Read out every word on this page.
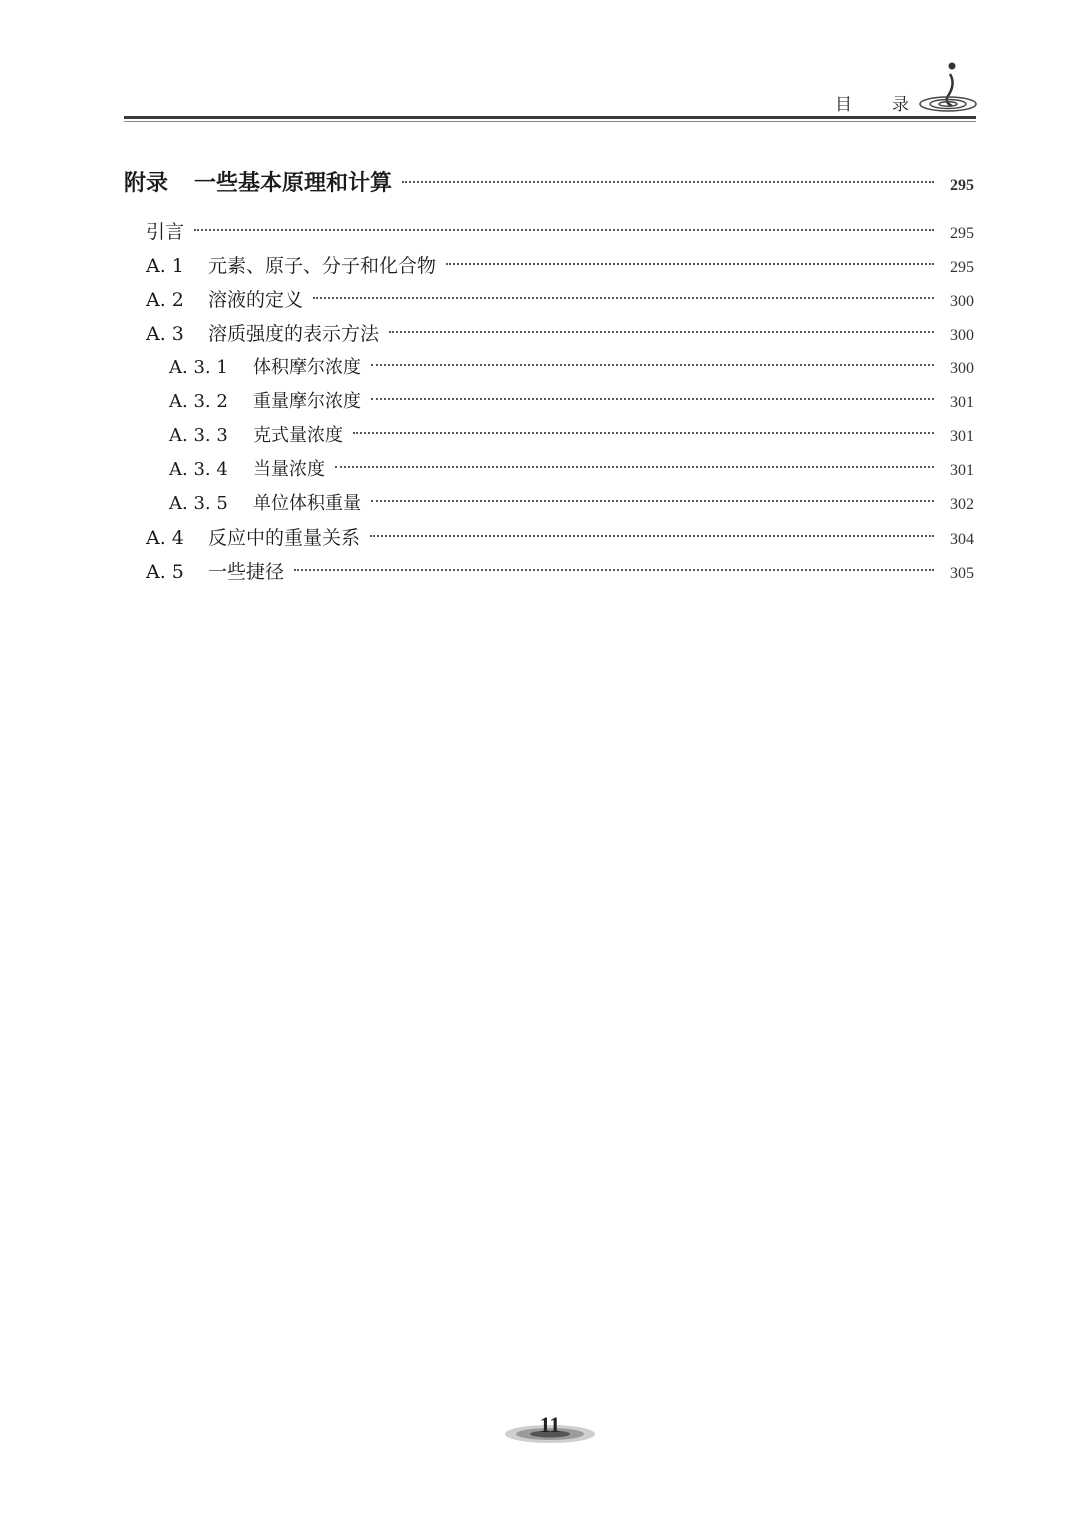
目录
附录 一些基本原理和计算	295
引言	295
A. 1	元素、原子、分子和化合物	295
A. 2	溶液的定义	300
A. 3	溶质强度的表示方法	300
A. 3. 1	体积摩尔浓度	300
A. 3. 2	重量摩尔浓度	301
A. 3. 3	克式量浓度	301
A. 3. 4	当量浓度	301
A. 3. 5	单位体积重量	302
A. 4	反应中的重量关系	304
A. 5	一些捷径	305
11
